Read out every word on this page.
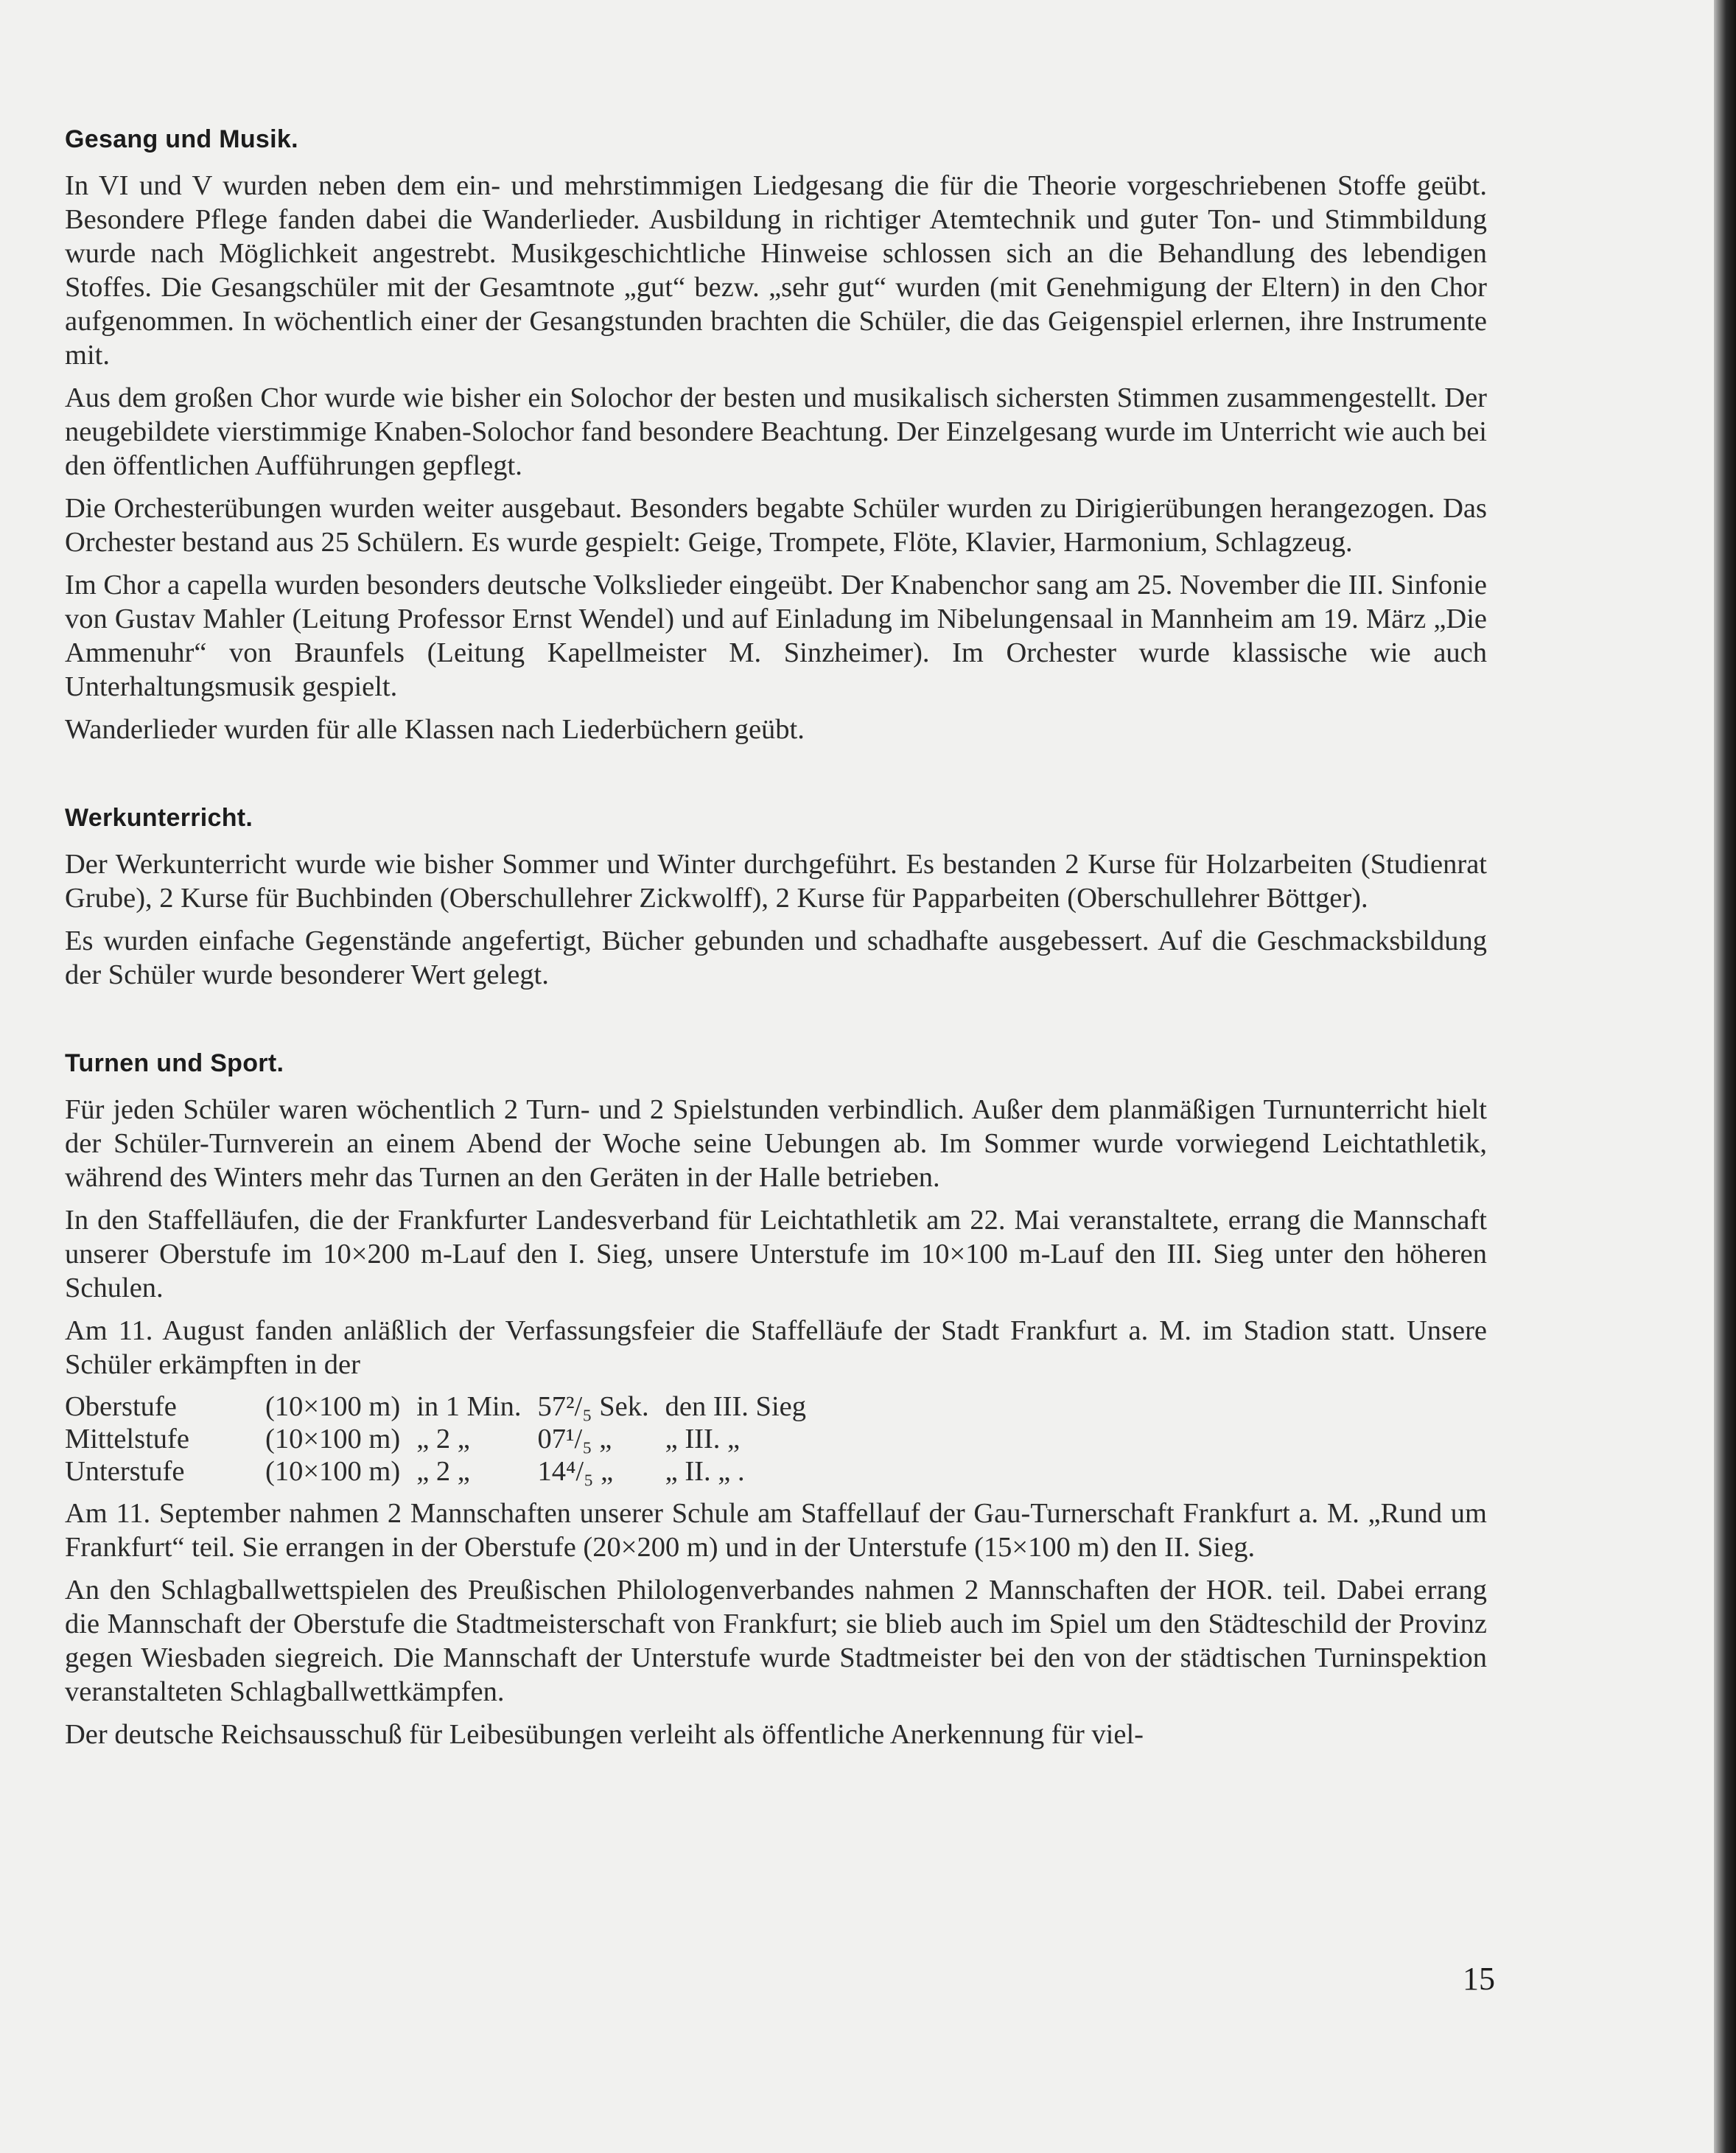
Gesang und Musik.

In VI und V wurden neben dem ein- und mehrstimmigen Liedgesang die für die Theorie vorgeschriebenen Stoffe geübt. Besondere Pflege fanden dabei die Wanderlieder. Ausbildung in richtiger Atemtechnik und guter Ton- und Stimmbildung wurde nach Möglichkeit angestrebt. Musikgeschichtliche Hinweise schlossen sich an die Behandlung des lebendigen Stoffes. Die Gesangschüler mit der Gesamtnote „gut“ bezw. „sehr gut“ wurden (mit Genehmigung der Eltern) in den Chor aufgenommen. In wöchentlich einer der Gesangstunden brachten die Schüler, die das Geigenspiel erlernen, ihre Instrumente mit.

Aus dem großen Chor wurde wie bisher ein Solochor der besten und musikalisch sichersten Stimmen zusammengestellt. Der neugebildete vierstimmige Knaben-Solochor fand besondere Beachtung. Der Einzelgesang wurde im Unterricht wie auch bei den öffentlichen Aufführungen gepflegt.

Die Orchesterübungen wurden weiter ausgebaut. Besonders begabte Schüler wurden zu Dirigierübungen herangezogen. Das Orchester bestand aus 25 Schülern. Es wurde gespielt: Geige, Trompete, Flöte, Klavier, Harmonium, Schlagzeug.

Im Chor a capella wurden besonders deutsche Volkslieder eingeübt. Der Knabenchor sang am 25. November die III. Sinfonie von Gustav Mahler (Leitung Professor Ernst Wendel) und auf Einladung im Nibelungensaal in Mannheim am 19. März „Die Ammenuhr“ von Braunfels (Leitung Kapellmeister M. Sinzheimer). Im Orchester wurde klassische wie auch Unterhaltungsmusik gespielt.

Wanderlieder wurden für alle Klassen nach Liederbüchern geübt.

Werkunterricht.

Der Werkunterricht wurde wie bisher Sommer und Winter durchgeführt. Es bestanden 2 Kurse für Holzarbeiten (Studienrat Grube), 2 Kurse für Buchbinden (Oberschullehrer Zickwolff), 2 Kurse für Papparbeiten (Oberschullehrer Böttger).

Es wurden einfache Gegenstände angefertigt, Bücher gebunden und schadhafte ausgebessert. Auf die Geschmacksbildung der Schüler wurde besonderer Wert gelegt.

Turnen und Sport.

Für jeden Schüler waren wöchentlich 2 Turn- und 2 Spielstunden verbindlich. Außer dem planmäßigen Turnunterricht hielt der Schüler-Turnverein an einem Abend der Woche seine Uebungen ab. Im Sommer wurde vorwiegend Leichtathletik, während des Winters mehr das Turnen an den Geräten in der Halle betrieben.

In den Staffelläufen, die der Frankfurter Landesverband für Leichtathletik am 22. Mai veranstaltete, errang die Mannschaft unserer Oberstufe im 10×200 m-Lauf den I. Sieg, unsere Unterstufe im 10×100 m-Lauf den III. Sieg unter den höheren Schulen.

Am 11. August fanden anläßlich der Verfassungsfeier die Staffelläufe der Stadt Frankfurt a. M. im Stadion statt. Unsere Schüler erkämpften in der

Oberstufe	(10×100 m)	in 1 Min.	57²/₅ Sek.	den III. Sieg
Mittelstufe	(10×100 m)	„ 2 „	07¹/₅ „	„ III. „
Unterstufe	(10×100 m)	„ 2 „	14⁴/₅ „	„ II. „ .

Am 11. September nahmen 2 Mannschaften unserer Schule am Staffellauf der Gau-Turnerschaft Frankfurt a. M. „Rund um Frankfurt“ teil. Sie errangen in der Oberstufe (20×200 m) und in der Unterstufe (15×100 m) den II. Sieg.

An den Schlagballwettspielen des Preußischen Philologenverbandes nahmen 2 Mannschaften der HOR. teil. Dabei errang die Mannschaft der Oberstufe die Stadtmeisterschaft von Frankfurt; sie blieb auch im Spiel um den Städteschild der Provinz gegen Wiesbaden siegreich. Die Mannschaft der Unterstufe wurde Stadtmeister bei den von der städtischen Turninspektion veranstalteten Schlagballwettkämpfen.

Der deutsche Reichsausschuß für Leibesübungen verleiht als öffentliche Anerkennung für viel-

15
